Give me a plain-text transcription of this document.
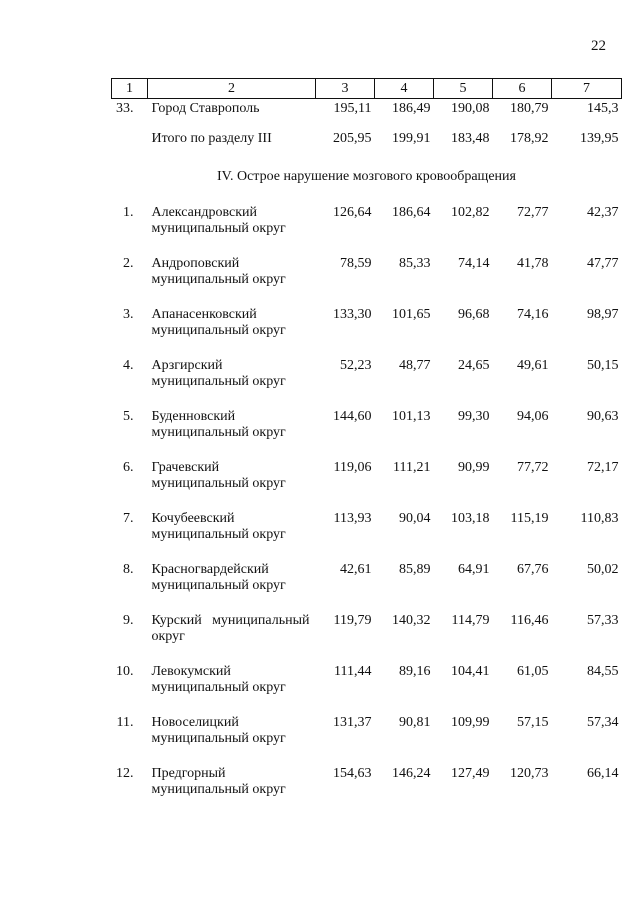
22
1	2	3	4	5	6	7
33.	Город Ставрополь	195,11	186,49	190,08	180,79	145,3
	Итого по разделу III	205,95	199,91	183,48	178,92	139,95
IV. Острое нарушение мозгового кровообращения						
1.	Александровский муниципальный округ	126,64	186,64	102,82	72,77	42,37
2.	Андроповский муниципальный округ	78,59	85,33	74,14	41,78	47,77
3.	Апанасенковский муниципальный округ	133,30	101,65	96,68	74,16	98,97
4.	Арзгирский муниципальный округ	52,23	48,77	24,65	49,61	50,15
5.	Буденновский муниципальный округ	144,60	101,13	99,30	94,06	90,63
6.	Грачевский муниципальный округ	119,06	111,21	90,99	77,72	72,17
7.	Кочубеевский муниципальный округ	113,93	90,04	103,18	115,19	110,83
8.	Красногвардейский муниципальный округ	42,61	85,89	64,91	67,76	50,02
9.	Курский муниципальный округ	119,79	140,32	114,79	116,46	57,33
10.	Левокумский муниципальный округ	111,44	89,16	104,41	61,05	84,55
11.	Новоселицкий муниципальный округ	131,37	90,81	109,99	57,15	57,34
12.	Предгорный муниципальный округ	154,63	146,24	127,49	120,73	66,14
